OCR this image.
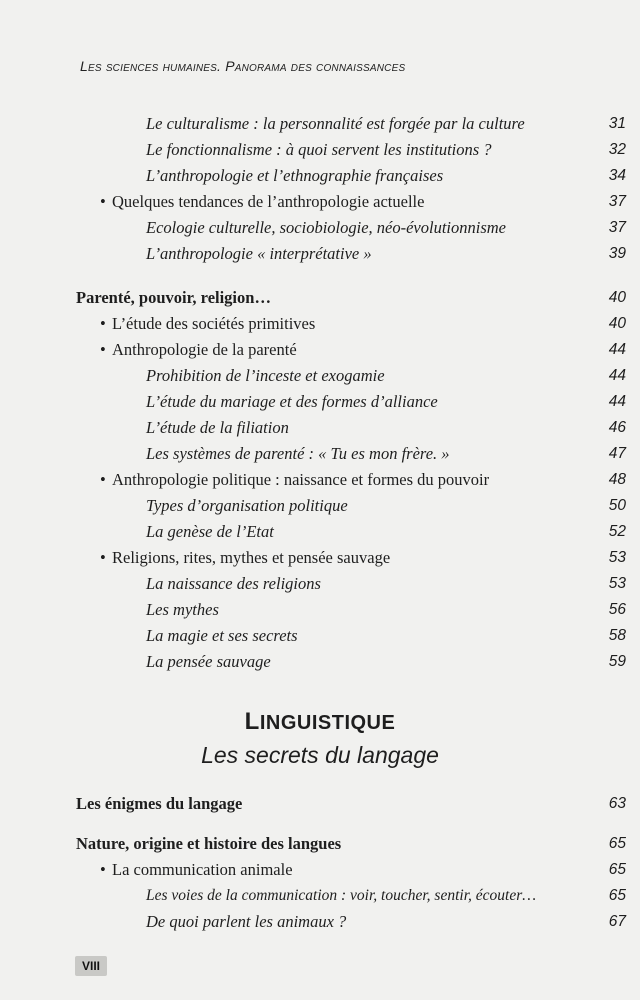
Les sciences humaines. Panorama des connaissances
Le culturalisme : la personnalité est forgée par la culture	31
Le fonctionnalisme : à quoi servent les institutions ?	32
L’anthropologie et l’ethnographie françaises	34
• Quelques tendances de l’anthropologie actuelle	37
Ecologie culturelle, sociobiologie, néo-évolutionnisme	37
L’anthropologie « interprétative »	39
Parenté, pouvoir, religion…	40
• L’étude des sociétés primitives	40
• Anthropologie de la parenté	44
Prohibition de l’inceste et exogamie	44
L’étude du mariage et des formes d’alliance	44
L’étude de la filiation	46
Les systèmes de parenté : « Tu es mon frère. »	47
• Anthropologie politique : naissance et formes du pouvoir	48
Types d’organisation politique	50
La genèse de l’Etat	52
• Religions, rites, mythes et pensée sauvage	53
La naissance des religions	53
Les mythes	56
La magie et ses secrets	58
La pensée sauvage	59
LINGUISTIQUE
Les secrets du langage
Les énigmes du langage	63
Nature, origine et histoire des langues	65
• La communication animale	65
Les voies de la communication : voir, toucher, sentir, écouter…	65
De quoi parlent les animaux ?	67
VIII
